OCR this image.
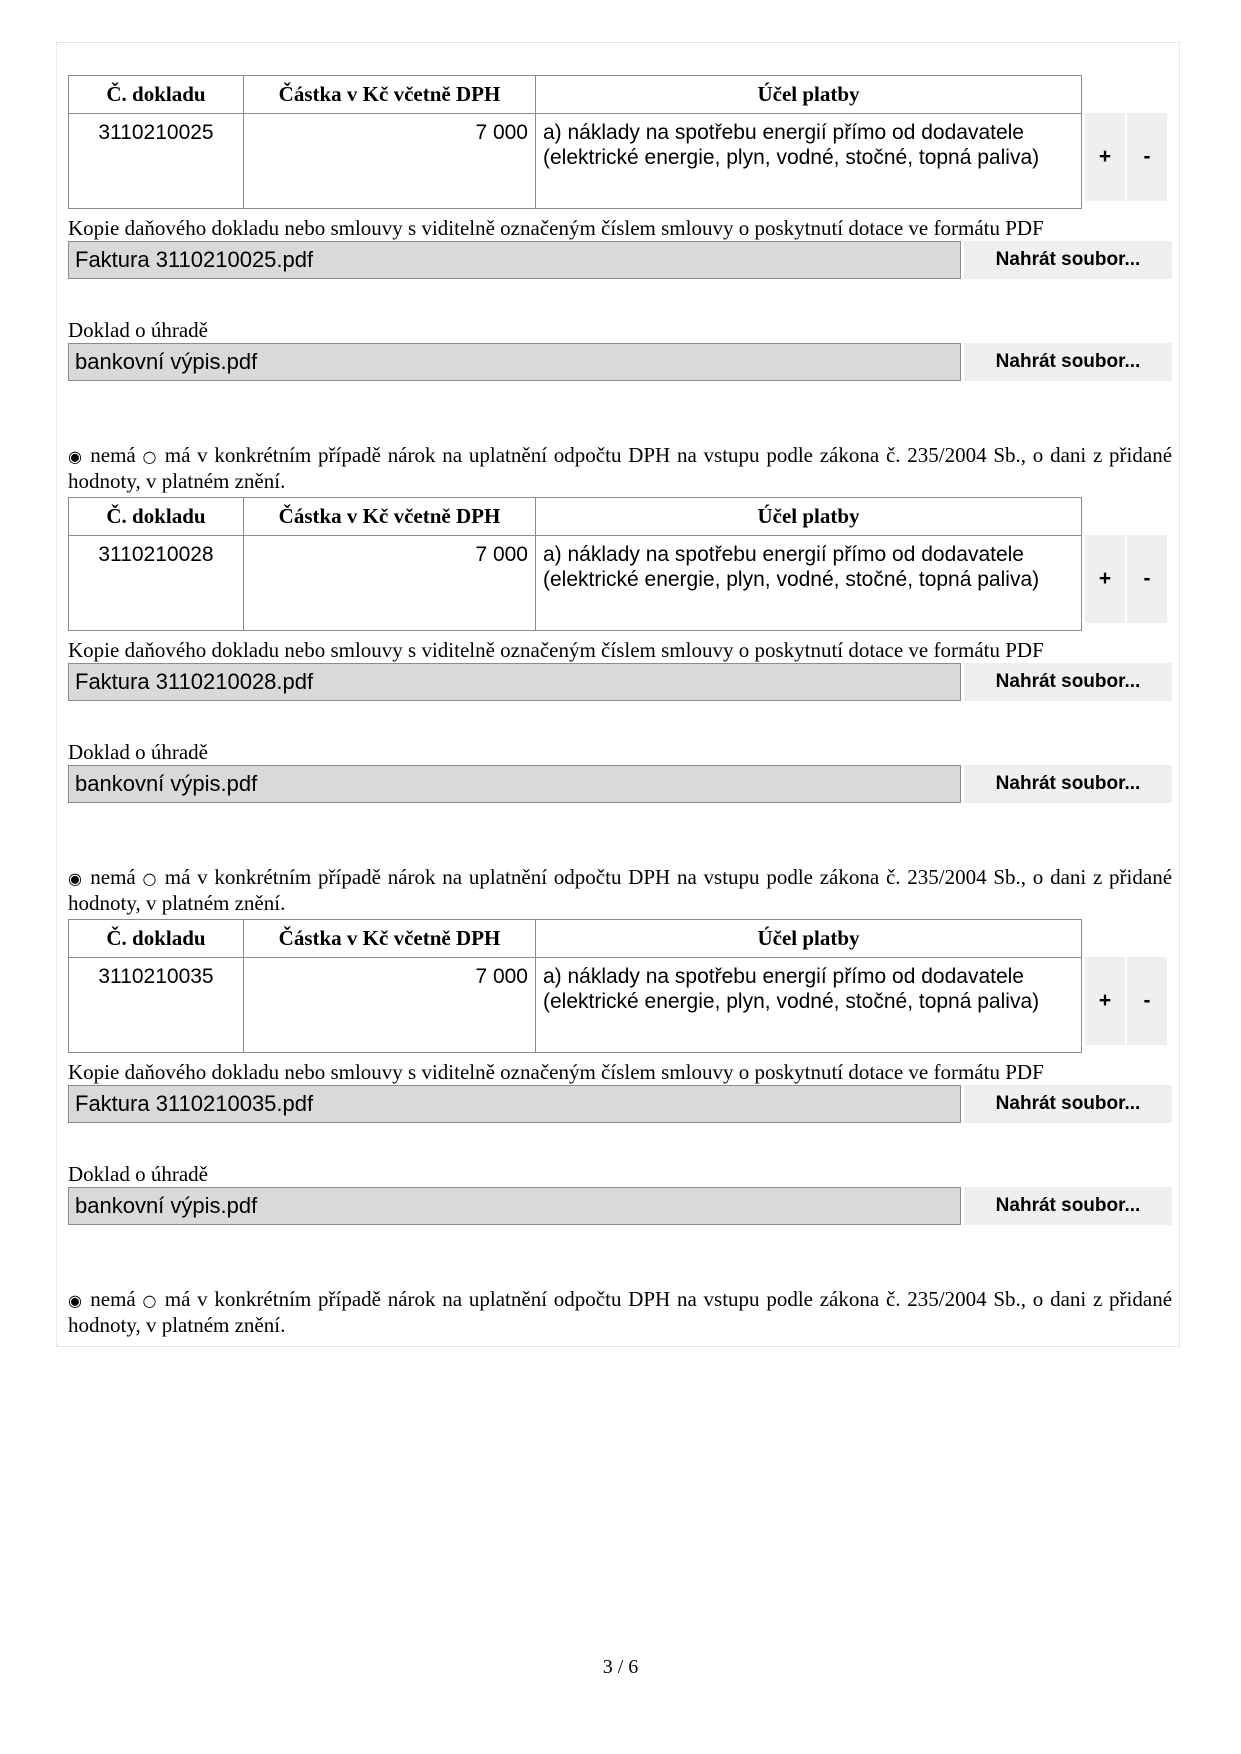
Č. dokladu	Částka v Kč včetně DPH	Účel platby
3110210025	7 000	a) náklady na spotřebu energií přímo od dodavatele (elektrické energie, plyn, vodné, stočné, topná paliva)	+	-
Kopie daňového dokladu nebo smlouvy s viditelně označeným číslem smlouvy o poskytnutí dotace ve formátu PDF
Faktura 3110210025.pdf	Nahrát soubor...
Doklad o úhradě
bankovní výpis.pdf	Nahrát soubor...
◉ nemá ○ má v konkrétním případě nárok na uplatnění odpočtu DPH na vstupu podle zákona č. 235/2004 Sb., o dani z přidané hodnoty, v platném znění.
Č. dokladu	Částka v Kč včetně DPH	Účel platby
3110210028	7 000	a) náklady na spotřebu energií přímo od dodavatele (elektrické energie, plyn, vodné, stočné, topná paliva)	+	-
Kopie daňového dokladu nebo smlouvy s viditelně označeným číslem smlouvy o poskytnutí dotace ve formátu PDF
Faktura 3110210028.pdf	Nahrát soubor...
Doklad o úhradě
bankovní výpis.pdf	Nahrát soubor...
◉ nemá ○ má v konkrétním případě nárok na uplatnění odpočtu DPH na vstupu podle zákona č. 235/2004 Sb., o dani z přidané hodnoty, v platném znění.
Č. dokladu	Částka v Kč včetně DPH	Účel platby
3110210035	7 000	a) náklady na spotřebu energií přímo od dodavatele (elektrické energie, plyn, vodné, stočné, topná paliva)	+	-
Kopie daňového dokladu nebo smlouvy s viditelně označeným číslem smlouvy o poskytnutí dotace ve formátu PDF
Faktura 3110210035.pdf	Nahrát soubor...
Doklad o úhradě
bankovní výpis.pdf	Nahrát soubor...
◉ nemá ○ má v konkrétním případě nárok na uplatnění odpočtu DPH na vstupu podle zákona č. 235/2004 Sb., o dani z přidané hodnoty, v platném znění.
3 / 6
